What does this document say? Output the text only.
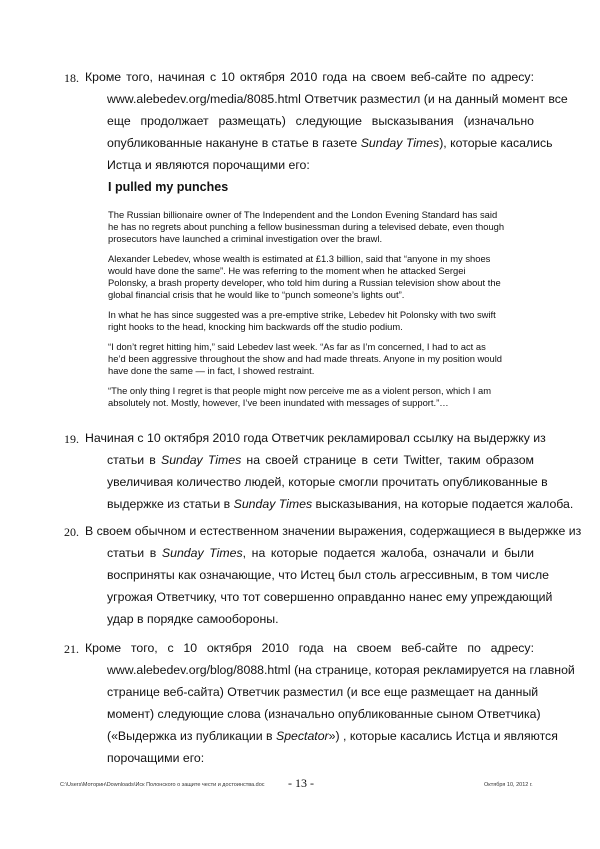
18. Кроме того, начиная с 10 октября 2010 года на своем веб-сайте по адресу:
www.alebedev.org/media/8085.html Ответчик разместил (и на данный момент все
еще продолжает размещать) следующие высказывания (изначально
опубликованные накануне в статье в газете Sunday Times), которые касались
Истца и являются порочащими его:
I pulled my punches

The Russian billionaire owner of The Independent and the London Evening Standard has said
he has no regrets about punching a fellow businessman during a televised debate, even though
prosecutors have launched a criminal investigation over the brawl.

Alexander Lebedev, whose wealth is estimated at £1.3 billion, said that “anyone in my shoes
would have done the same”. He was referring to the moment when he attacked Sergei
Polonsky, a brash property developer, who told him during a Russian television show about the
global financial crisis that he would like to “punch someone’s lights out”.

In what he has since suggested was a pre-emptive strike, Lebedev hit Polonsky with two swift
right hooks to the head, knocking him backwards off the studio podium.

“I don’t regret hitting him,” said Lebedev last week. “As far as I’m concerned, I had to act as
he’d been aggressive throughout the show and had made threats. Anyone in my position would
have done the same — in fact, I showed restraint.

“The only thing I regret is that people might now perceive me as a violent person, which I am
absolutely not. Mostly, however, I’ve been inundated with messages of support.”…

19. Начиная с 10 октября 2010 года Ответчик рекламировал ссылку на выдержку из
статьи в Sunday Times на своей странице в сети Twitter, таким образом
увеличивая количество людей, которые смогли прочитать опубликованные в
выдержке из статьи в Sunday Times высказывания, на которые подается жалоба.
20. В своем обычном и естественном значении выражения, содержащиеся в выдержке из
статьи в Sunday Times, на которые подается жалоба, означали и были
восприняты как означающие, что Истец был столь агрессивным, в том числе
угрожая Ответчику, что тот совершенно оправданно нанес ему упреждающий
удар в порядке самообороны.
21. Кроме того, с 10 октября 2010 года на своем веб-сайте по адресу:
www.alebedev.org/blog/8088.html (на странице, которая рекламируется на главной
странице веб-сайта) Ответчик разместил (и все еще размещает на данный
момент) следующие слова (изначально опубликованные сыном Ответчика)
(«Выдержка из публикации в Spectator») , которые касались Истца и являются
порочащими его:
C:\Users\Моторин\Downloads\Иск Полонского о защите чести и достоинства.doc - 13 -	Октября 10, 2012 г.
